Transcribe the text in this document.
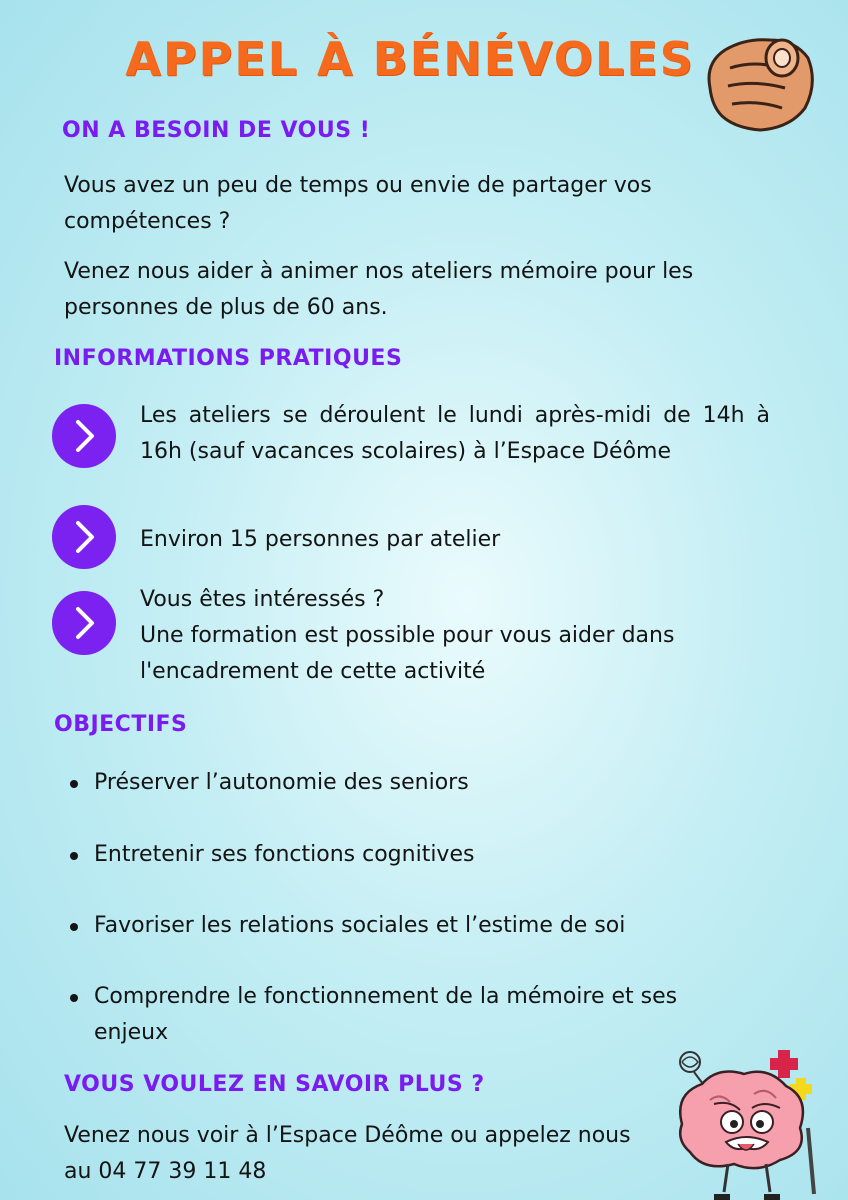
APPEL À BÉNÉVOLES
ON A BESOIN DE VOUS !

Vous avez un peu de temps ou envie de partager vos compétences ?

Venez nous aider à animer nos ateliers mémoire pour les personnes de plus de 60 ans.

INFORMATIONS PRATIQUES

Les ateliers se déroulent le lundi après-midi de 14h à 16h (sauf vacances scolaires) à l’Espace Déôme

Environ 15 personnes par atelier

Vous êtes intéressés ?

Une formation est possible pour vous aider dans l'encadrement de cette activité

OBJECTIFS
Préserver l’autonomie des seniors
Entretenir ses fonctions cognitives
Favoriser les relations sociales et l’estime de soi
Comprendre le fonctionnement de la mémoire et ses enjeux
VOUS VOULEZ EN SAVOIR PLUS ?

Venez nous voir à l’Espace Déôme ou appelez nous au 04 77 39 11 48
